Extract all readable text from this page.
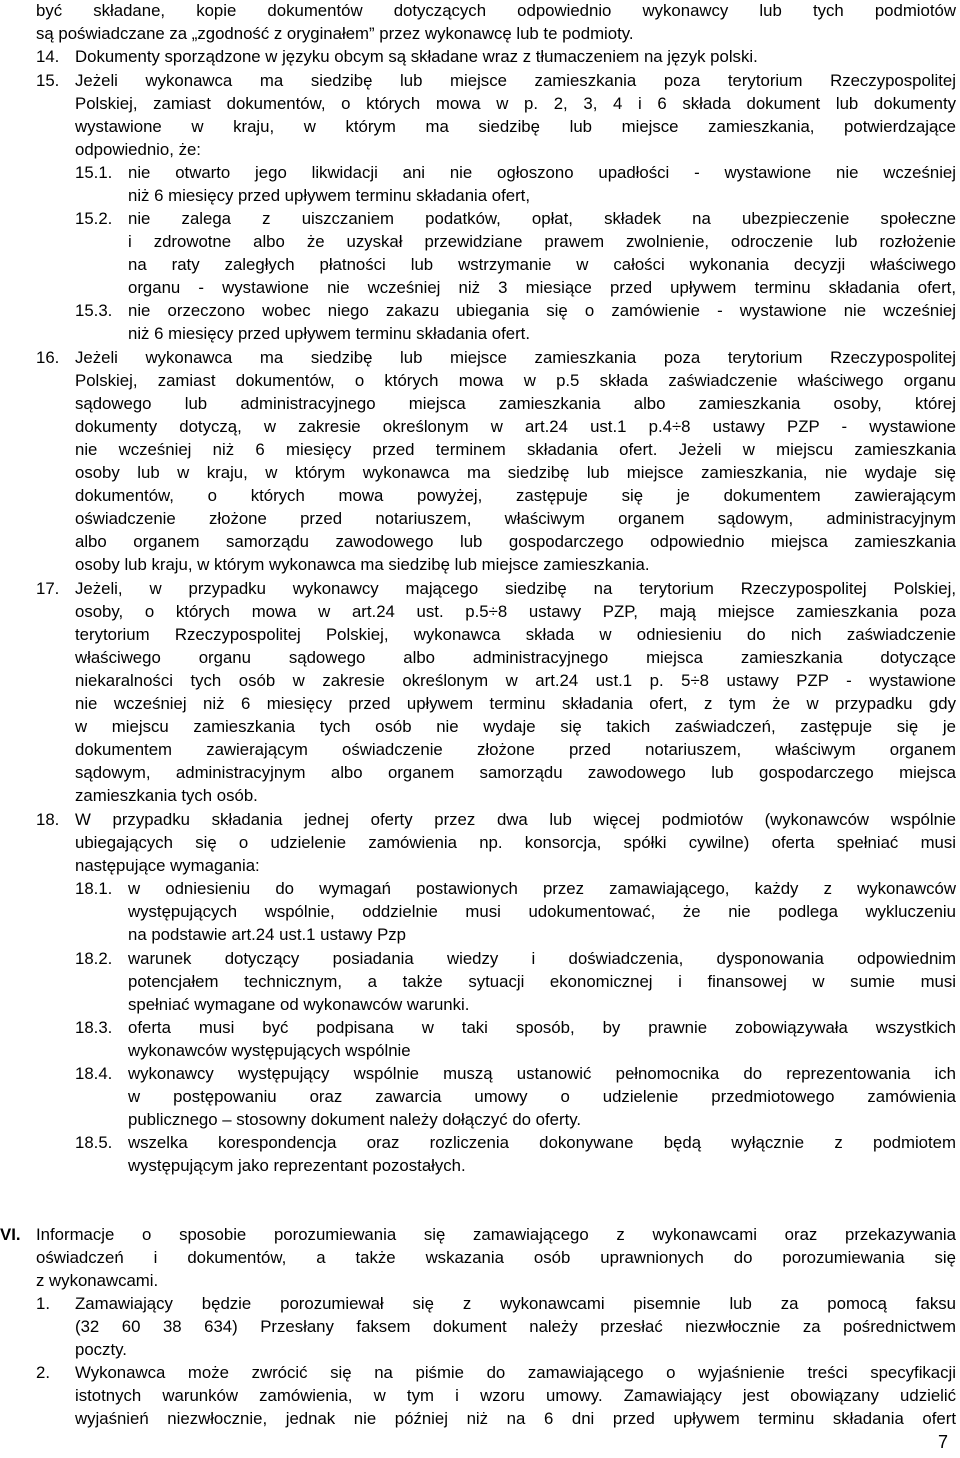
być składane, kopie dokumentów dotyczących odpowiednio wykonawcy lub tych podmiotów

są poświadczane za „zgodność z oryginałem” przez wykonawcę lub te podmioty.

14. Dokumenty sporządzone w języku obcym są składane wraz z tłumaczeniem na język polski.

15. Jeżeli wykonawca ma siedzibę lub miejsce zamieszkania poza terytorium Rzeczypospolitej

Polskiej, zamiast dokumentów, o których mowa w p. 2, 3, 4 i 6 składa dokument lub dokumenty

wystawione w kraju, w którym ma siedzibę lub miejsce zamieszkania, potwierdzające

odpowiednio, że:

15.1. nie otwarto jego likwidacji ani nie ogłoszono upadłości - wystawione nie wcześniej

niż 6 miesięcy przed upływem terminu składania ofert,

15.2. nie zalega z uiszczaniem podatków, opłat, składek na ubezpieczenie społeczne

i zdrowotne albo że uzyskał przewidziane prawem zwolnienie, odroczenie lub rozłożenie

na raty zaległych płatności lub wstrzymanie w całości wykonania decyzji właściwego

organu - wystawione nie wcześniej niż 3 miesiące przed upływem terminu składania ofert,

15.3. nie orzeczono wobec niego zakazu ubiegania się o zamówienie - wystawione nie wcześniej

niż 6 miesięcy przed upływem terminu składania ofert.

16. Jeżeli wykonawca ma siedzibę lub miejsce zamieszkania poza terytorium Rzeczypospolitej

Polskiej, zamiast dokumentów, o których mowa w p.5 składa zaświadczenie właściwego organu

sądowego lub administracyjnego miejsca zamieszkania albo zamieszkania osoby, której

dokumenty dotyczą, w zakresie określonym w art.24 ust.1 p.4÷8 ustawy PZP - wystawione

nie wcześniej niż 6 miesięcy przed terminem składania ofert. Jeżeli w miejscu zamieszkania

osoby lub w kraju, w którym wykonawca ma siedzibę lub miejsce zamieszkania, nie wydaje się

dokumentów, o których mowa powyżej, zastępuje się je dokumentem zawierającym

oświadczenie złożone przed notariuszem, właściwym organem sądowym, administracyjnym

albo organem samorządu zawodowego lub gospodarczego odpowiednio miejsca zamieszkania

osoby lub kraju, w którym wykonawca ma siedzibę lub miejsce zamieszkania.

17. Jeżeli, w przypadku wykonawcy mającego siedzibę na terytorium Rzeczypospolitej Polskiej,

osoby, o których mowa w art.24 ust. p.5÷8 ustawy PZP, mają miejsce zamieszkania poza

terytorium Rzeczypospolitej Polskiej, wykonawca składa w odniesieniu do nich zaświadczenie

właściwego organu sądowego albo administracyjnego miejsca zamieszkania dotyczące

niekaralności tych osób w zakresie określonym w art.24 ust.1 p. 5÷8 ustawy PZP - wystawione

nie wcześniej niż 6 miesięcy przed upływem terminu składania ofert, z tym że w przypadku gdy

w miejscu zamieszkania tych osób nie wydaje się takich zaświadczeń, zastępuje się je

dokumentem zawierającym oświadczenie złożone przed notariuszem, właściwym organem

sądowym, administracyjnym albo organem samorządu zawodowego lub gospodarczego miejsca

zamieszkania tych osób.

18. W przypadku składania jednej oferty przez dwa lub więcej podmiotów (wykonawców wspólnie

ubiegających się o udzielenie zamówienia np. konsorcja, spółki cywilne) oferta spełniać musi

następujące wymagania:

18.1. w odniesieniu do wymagań postawionych przez zamawiającego, każdy z wykonawców

występujących wspólnie, oddzielnie musi udokumentować, że nie podlega wykluczeniu

na podstawie art.24 ust.1 ustawy Pzp

18.2. warunek dotyczący posiadania wiedzy i doświadczenia, dysponowania odpowiednim

potencjałem technicznym, a także sytuacji ekonomicznej i finansowej w sumie musi

spełniać wymagane od wykonawców warunki.

18.3. oferta musi być podpisana w taki sposób, by prawnie zobowiązywała wszystkich

wykonawców występujących wspólnie

18.4. wykonawcy występujący wspólnie muszą ustanowić pełnomocnika do reprezentowania ich

w postępowaniu oraz zawarcia umowy o udzielenie przedmiotowego zamówienia

publicznego – stosowny dokument należy dołączyć do oferty.

18.5. wszelka korespondencja oraz rozliczenia dokonywane będą wyłącznie z podmiotem

występującym jako reprezentant pozostałych.

VI. Informacje o sposobie porozumiewania się zamawiającego z wykonawcami oraz przekazywania

oświadczeń i dokumentów, a także wskazania osób uprawnionych do porozumiewania się

z wykonawcami.

1. Zamawiający będzie porozumiewał się z wykonawcami pisemnie lub za pomocą faksu

(32 60 38 634) Przesłany faksem dokument należy przesłać niezwłocznie za pośrednictwem

poczty.

2. Wykonawca może zwrócić się na piśmie do zamawiającego o wyjaśnienie treści specyfikacji

istotnych warunków zamówienia, w tym i wzoru umowy. Zamawiający jest obowiązany udzielić

wyjaśnień niezwłocznie, jednak nie później niż na 6 dni przed upływem terminu składania ofert

7
